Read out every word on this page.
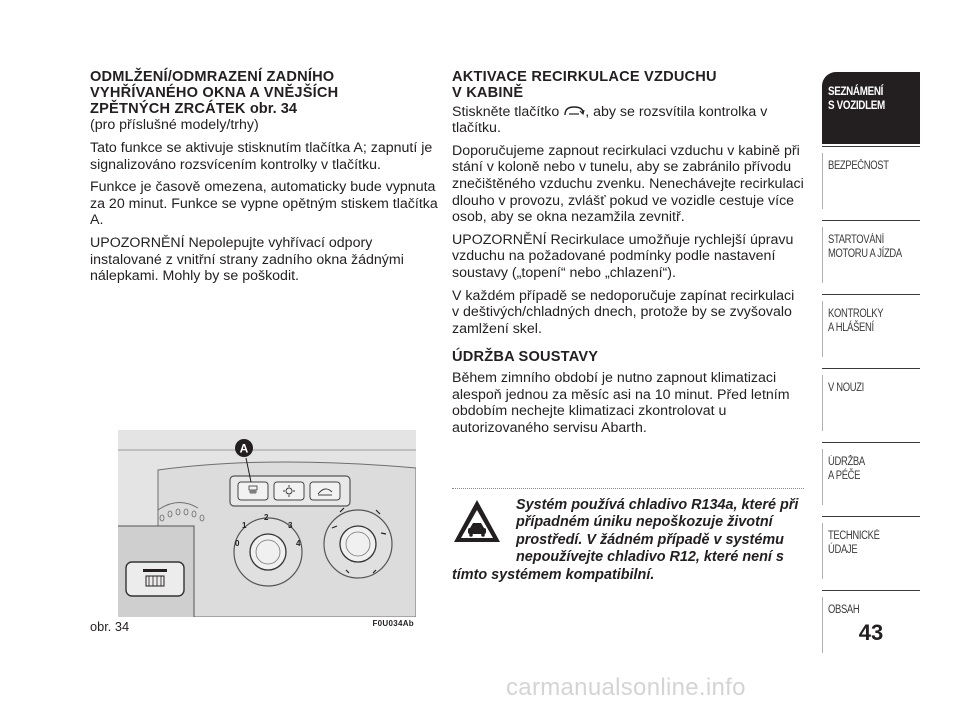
ODMLŽENÍ/ODMRAZENÍ ZADNÍHO
VYHŘÍVANÉHO OKNA A VNĚJŠÍCH
ZPĚTNÝCH ZRCÁTEK obr. 34
(pro příslušné modely/trhy)

Tato funkce se aktivuje stisknutím tlačítka A; zapnutí je signalizováno rozsvícením kontrolky v tlačítku.

Funkce je časově omezena, automaticky bude vypnuta za 20 minut. Funkce se vypne opětným stiskem tlačítka A.

UPOZORNĚNÍ Nepolepujte vyhřívací odpory instalované z vnitřní strany zadního okna žádnými nálepkami. Mohly by se poškodit.

AKTIVACE RECIRKULACE VZDUCHU
V KABINĚ

Stiskněte tlačítko , aby se rozsvítila kontrolka v tlačítku.

Doporučujeme zapnout recirkulaci vzduchu v kabině při stání v koloně nebo v tunelu, aby se zabránilo přívodu znečištěného vzduchu zvenku. Nenechávejte recirkulaci dlouho v provozu, zvlášť pokud ve vozidle cestuje více osob, aby se okna nezamžila zevnitř.

UPOZORNĚNÍ Recirkulace umožňuje rychlejší úpravu vzduchu na požadované podmínky podle nastavení soustavy („topení“ nebo „chlazení“).

V každém případě se nedoporučuje zapínat recirkulaci v deštivých/chladných dnech, protože by se zvyšovalo zamlžení skel.

ÚDRŽBA SOUSTAVY

Během zimního období je nutno zapnout klimatizaci alespoň jednou za měsíc asi na 10 minut. Před letním obdobím nechejte klimatizaci zkontrolovat u autorizovaného servisu Abarth.

A
0
1
2
3
4
obr. 34	F0U034Ab
Systém používá chladivo R134a, které při případném úniku nepoškozuje životní prostředí. V žádném případě v systému nepoužívejte chladivo R12, které není s tímto systémem kompatibilní.
SEZNÁMENÍ
S VOZIDLEM
BEZPEČNOST
STARTOVÁNÍ
MOTORU A JÍZDA
KONTROLKY
A HLÁŠENÍ
V NOUZI
ÚDRŽBA
A PÉČE
TECHNICKÉ
ÚDAJE
OBSAH
43
carmanualsonline.info
